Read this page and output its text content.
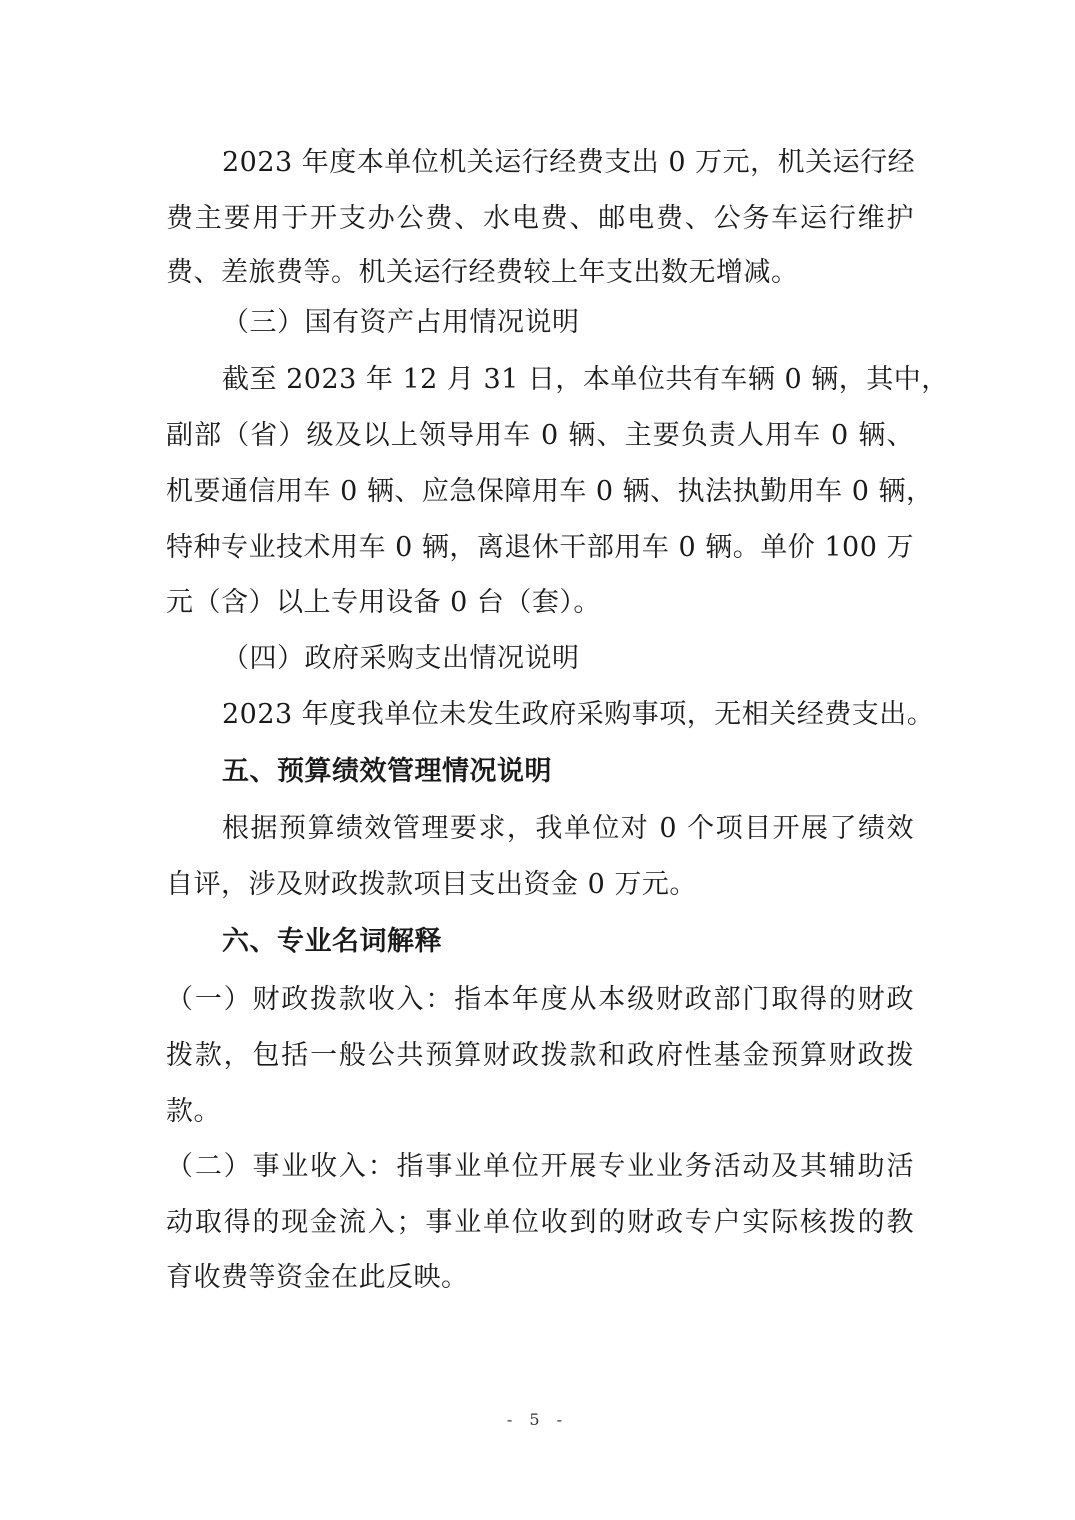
2023 年度本单位机关运行经费支出 0 万元，机关运行经
费主要用于开支办公费、水电费、邮电费、公务车运行维护
费、差旅费等。机关运行经费较上年支出数无增减。
（三）国有资产占用情况说明
截至 2023 年 12 月 31 日，本单位共有车辆 0 辆，其中，
副部（省）级及以上领导用车 0 辆、主要负责人用车 0 辆、
机要通信用车 0 辆、应急保障用车 0 辆、执法执勤用车 0 辆，
特种专业技术用车 0 辆，离退休干部用车 0 辆。单价 100 万
元（含）以上专用设备 0 台（套）。
（四）政府采购支出情况说明
2023 年度我单位未发生政府采购事项，无相关经费支出。
五、预算绩效管理情况说明
根据预算绩效管理要求，我单位对 0 个项目开展了绩效
自评，涉及财政拨款项目支出资金 0 万元。
六、专业名词解释
（一）财政拨款收入：指本年度从本级财政部门取得的财政
拨款，包括一般公共预算财政拨款和政府性基金预算财政拨
款。
（二）事业收入：指事业单位开展专业业务活动及其辅助活
动取得的现金流入；事业单位收到的财政专户实际核拨的教
育收费等资金在此反映。
- 5 -
